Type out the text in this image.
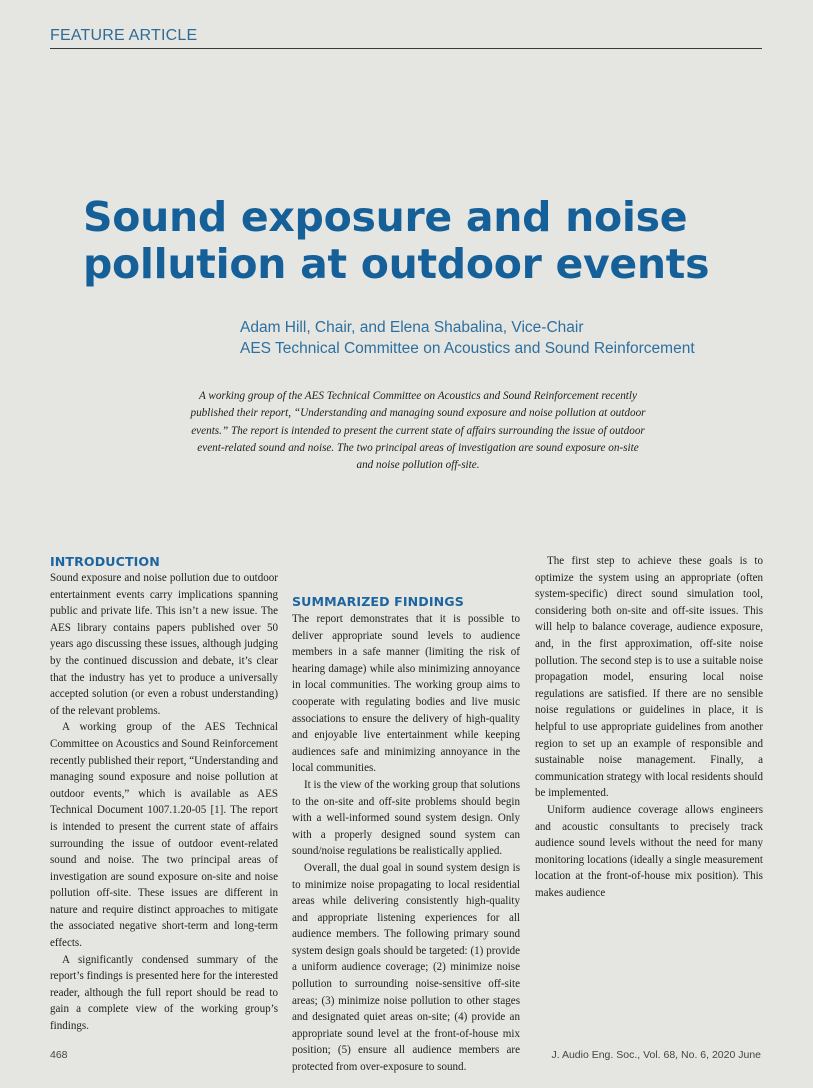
FEATURE ARTICLE
Sound exposure and noise pollution at outdoor events
Adam Hill, Chair, and Elena Shabalina, Vice-Chair
AES Technical Committee on Acoustics and Sound Reinforcement
A working group of the AES Technical Committee on Acoustics and Sound Reinforcement recently published their report, “Understanding and managing sound exposure and noise pollution at outdoor events.” The report is intended to present the current state of affairs surrounding the issue of outdoor event-related sound and noise. The two principal areas of investigation are sound exposure on-site and noise pollution off-site.
INTRODUCTION

Sound exposure and noise pollution due to outdoor entertainment events carry implications spanning public and private life. This isn’t a new issue. The AES library contains papers published over 50 years ago discussing these issues, although judging by the continued discussion and debate, it’s clear that the industry has yet to produce a universally accepted solution (or even a robust understanding) of the relevant problems.

A working group of the AES Technical Committee on Acoustics and Sound Reinforcement recently published their report, “Understanding and managing sound exposure and noise pollution at outdoor events,” which is available as AES Technical Document 1007.1.20-05 [1]. The report is intended to present the current state of affairs surrounding the issue of outdoor event-related sound and noise. The two principal areas of investigation are sound exposure on-site and noise pollution off-site. These issues are different in nature and require distinct approaches to mitigate the associated negative short-term and long-term effects.

A significantly condensed summary of the report’s findings is presented here for the interested reader, although the full report should be read to gain a complete view of the working group’s findings.

SUMMARIZED FINDINGS

The report demonstrates that it is possible to deliver appropriate sound levels to audience members in a safe manner (limiting the risk of hearing damage) while also minimizing annoyance in local communities. The working group aims to cooperate with regulating bodies and live music associations to ensure the delivery of high-quality and enjoyable live entertainment while keeping audiences safe and minimizing annoyance in the local communities.

It is the view of the working group that solutions to the on-site and off-site problems should begin with a well-informed sound system design. Only with a properly designed sound system can sound/noise regulations be realistically applied.

Overall, the dual goal in sound system design is to minimize noise propagating to local residential areas while delivering consistently high-quality and appropriate listening experiences for all audience members. The following primary sound system design goals should be targeted: (1) provide a uniform audience coverage; (2) minimize noise pollution to surrounding noise-sensitive off-site areas; (3) minimize noise pollution to other stages and designated quiet areas on-site; (4) provide an appropriate sound level at the front-of-house mix position; (5) ensure all audience members are protected from over-exposure to sound.

The first step to achieve these goals is to optimize the system using an appropriate (often system-specific) direct sound simulation tool, considering both on-site and off-site issues. This will help to balance coverage, audience exposure, and, in the first approximation, off-site noise pollution. The second step is to use a suitable noise propagation model, ensuring local noise regulations are satisfied. If there are no sensible noise regulations or guidelines in place, it is helpful to use appropriate guidelines from another region to set up an example of responsible and sustainable noise management. Finally, a communication strategy with local residents should be implemented.

Uniform audience coverage allows engineers and acoustic consultants to precisely track audience sound levels without the need for many monitoring locations (ideally a single measurement location at the front-of-house mix position). This makes audience

468	J. Audio Eng. Soc., Vol. 68, No. 6, 2020 June
